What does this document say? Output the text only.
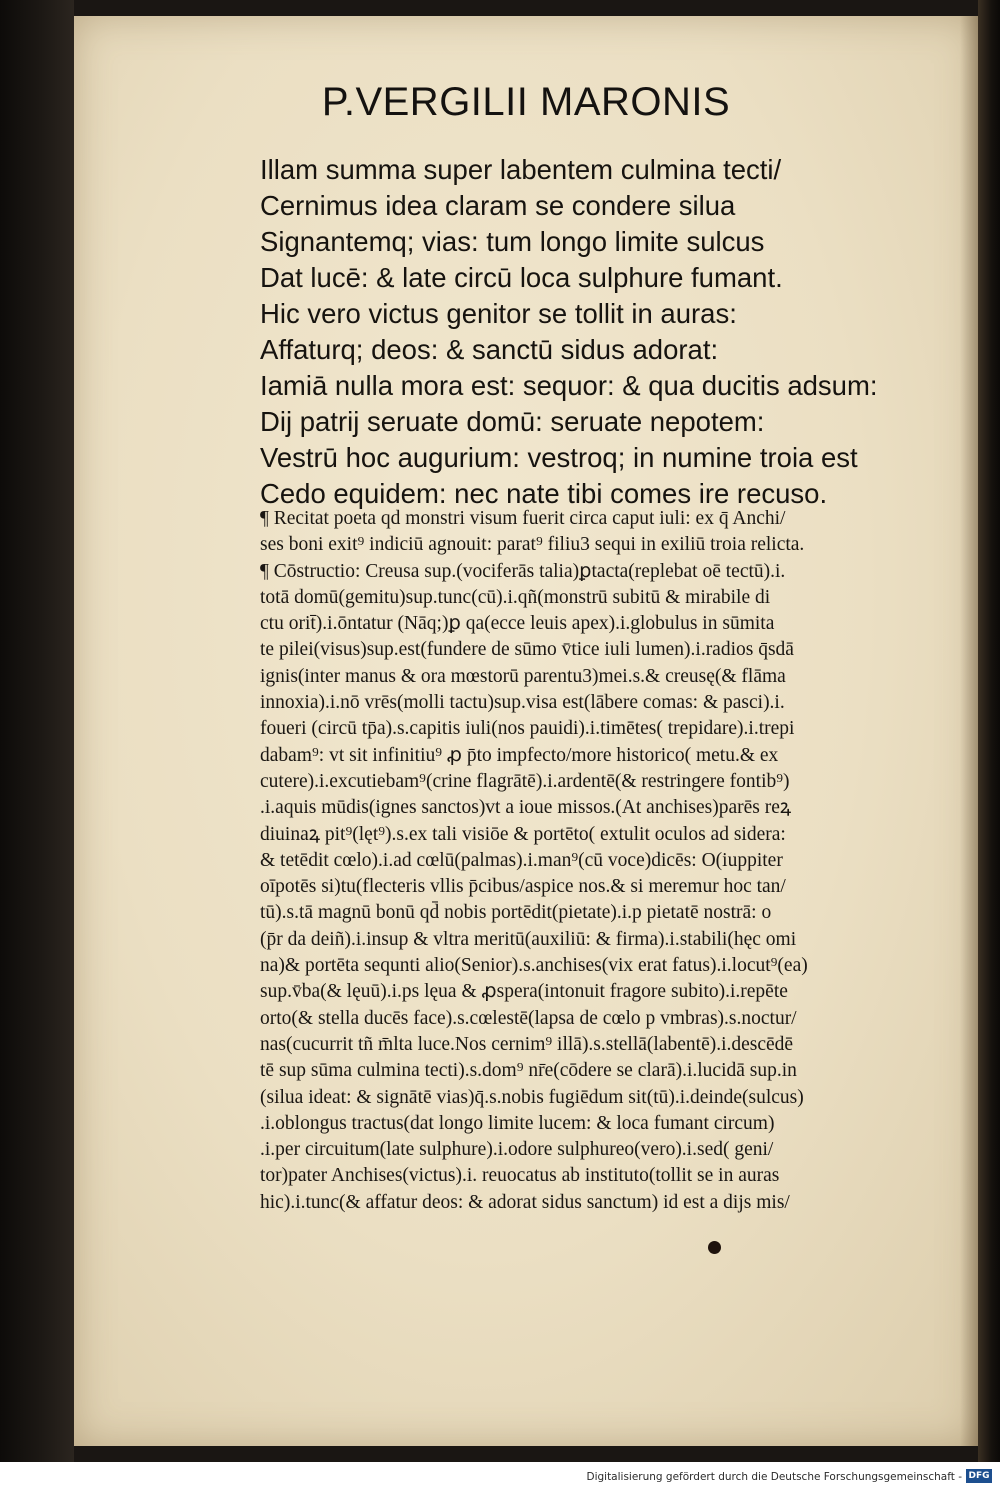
P.VERGILII MARONIS
Illam summa super labentem culmina tecti/
Cernimus idea claram se condere silua
Signantemq; vias: tum longo limite sulcus
Dat lucē: & late circū loca sulphure fumant.
Hic vero victus genitor se tollit in auras:
Affaturq; deos: & sanctū sidus adorat:
Iamiā nulla mora est: sequor: & qua ducitis adsum:
Dij patrij seruate domū: seruate nepotem:
Vestrū hoc augurium: vestroq; in numine troia est
Cedo equidem: nec nate tibi comes ire recuso.
¶ Recitat poeta qd monstri visum fuerit circa caput iuli: ex q̄ Anchi/
ses boni exit⁹ indiciū agnouit: parat⁹ filiu3 sequi in exiliū troia relicta.
¶ Cōstructio: Creusa sup.(vociferās talia)ꝑtacta(replebat oē tectū).i.
totā domū(gemitu)sup.tunc(cū).i.qñ(monstrū subitū & mirabile di
ctu orit̄).i.ōntatur (Nāq;)ꝑ qa(ecce leuis apex).i.globulus in sūmita
te pilei(visus)sup.est(fundere de sūmo v̄tice iuli lumen).i.radios q̄sdā
ignis(inter manus & ora mœstorū parentu3)mei.s.& creusę(& flāma
innoxia).i.nō vrēs(molli tactu)sup.visa est(lābere comas: & pasci).i.
foueri (circū tp̄a).s.capitis iuli(nos pauidi).i.timētes( trepidare).i.trepi
dabam⁹: vt sit infinitiu⁹ ꝓ p̄to impfecto/more historico( metu.& ex
cutere).i.excutiebam⁹(crine flagrātē).i.ardentē(& restringere fontib⁹)
.i.aquis mūdis(ignes sanctos)vt a ioue missos.(At anchises)parēs reꝝ
diuinaꝝ pit⁹(lęt⁹).s.ex tali visiōe & portēto( extulit oculos ad sidera:
& tetēdit cœlo).i.ad cœlū(palmas).i.man⁹(cū voce)dicēs: O(iuppiter
oīpotēs si)tu(flecteris vllis p̄cibus/aspice nos.& si meremur hoc tan/
tū).s.tā magnū bonū qd̄ nobis portēdit(pietate).i.p pietatē nostrā: o
(p̄r da deiñ).i.insup & vltra meritū(auxiliū: & firma).i.stabili(hęc omi
na)& portēta sequnti alio(Senior).s.anchises(vix erat fatus).i.locut⁹(ea)
sup.v̄ba(& lęuū).i.ps lęua & ꝓspera(intonuit fragore subito).i.repēte
orto(& stella ducēs face).s.cœlestē(lapsa de cœlo p vmbras).s.noctur/
nas(cucurrit tñ m̄lta luce.Nos cernim⁹ illā).s.stellā(labentē).i.descēdē
tē sup sūma culmina tecti).s.dom⁹ nr̄e(cōdere se clarā).i.lucidā sup.in
(silua ideat: & signātē vias)q̄.s.nobis fugiēdum sit(tū).i.deinde(sulcus)
.i.oblongus tractus(dat longo limite lucem: & loca fumant circum)
.i.per circuitum(late sulphure).i.odore sulphureo(vero).i.sed( geni/
tor)pater Anchises(victus).i. reuocatus ab instituto(tollit se in auras
hic).i.tunc(& affatur deos: & adorat sidus sanctum) id est a dijs mis/
Digitalisierung gefördert durch die Deutsche Forschungsgemeinschaft - DFG
